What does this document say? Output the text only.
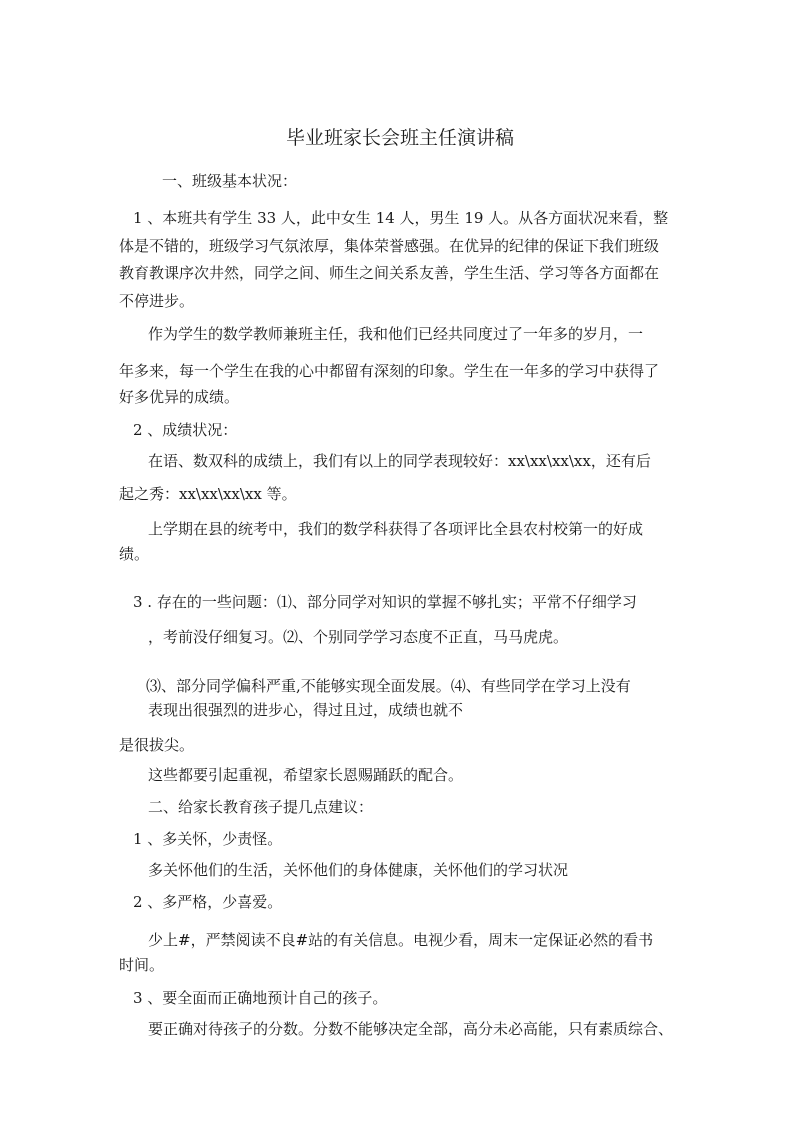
毕业班家长会班主任演讲稿
一、班级基本状况：
1 、本班共有学生 33 人，此中女生 14 人，男生 19 人。从各方面状况来看，整
体是不错的，班级学习气氛浓厚，集体荣誉感强。在优异的纪律的保证下我们班级
教育教课序次井然，同学之间、师生之间关系友善，学生生活、学习等各方面都在
不停进步。
作为学生的数学教师兼班主任，我和他们已经共同度过了一年多的岁月，一
年多来，每一个学生在我的心中都留有深刻的印象。学生在一年多的学习中获得了
好多优异的成绩。
2 、成绩状况：
在语、数双科的成绩上，我们有以上的同学表现较好：xx\xx\xx\xx，还有后
起之秀：xx\xx\xx\xx 等。
上学期在县的统考中，我们的数学科获得了各项评比全县农村校第一的好成
绩。
3 . 存在的一些问题：⑴、部分同学对知识的掌握不够扎实；平常不仔细学习
，考前没仔细复习。⑵、个别同学学习态度不正直，马马虎虎。
⑶、部分同学偏科严重,不能够实现全面发展。⑷、有些同学在学习上没有
表现出很强烈的进步心，得过且过，成绩也就不
是很拔尖。
这些都要引起重视，希望家长恩赐踊跃的配合。
二、给家长教育孩子提几点建议：
1 、多关怀，少责怪。
多关怀他们的生活，关怀他们的身体健康，关怀他们的学习状况
2 、多严格，少喜爱。
少上#，严禁阅读不良#站的有关信息。电视少看，周末一定保证必然的看书
时间。
3 、要全面而正确地预计自己的孩子。
要正确对待孩子的分数。分数不能够决定全部，高分未必高能，只有素质综合、
